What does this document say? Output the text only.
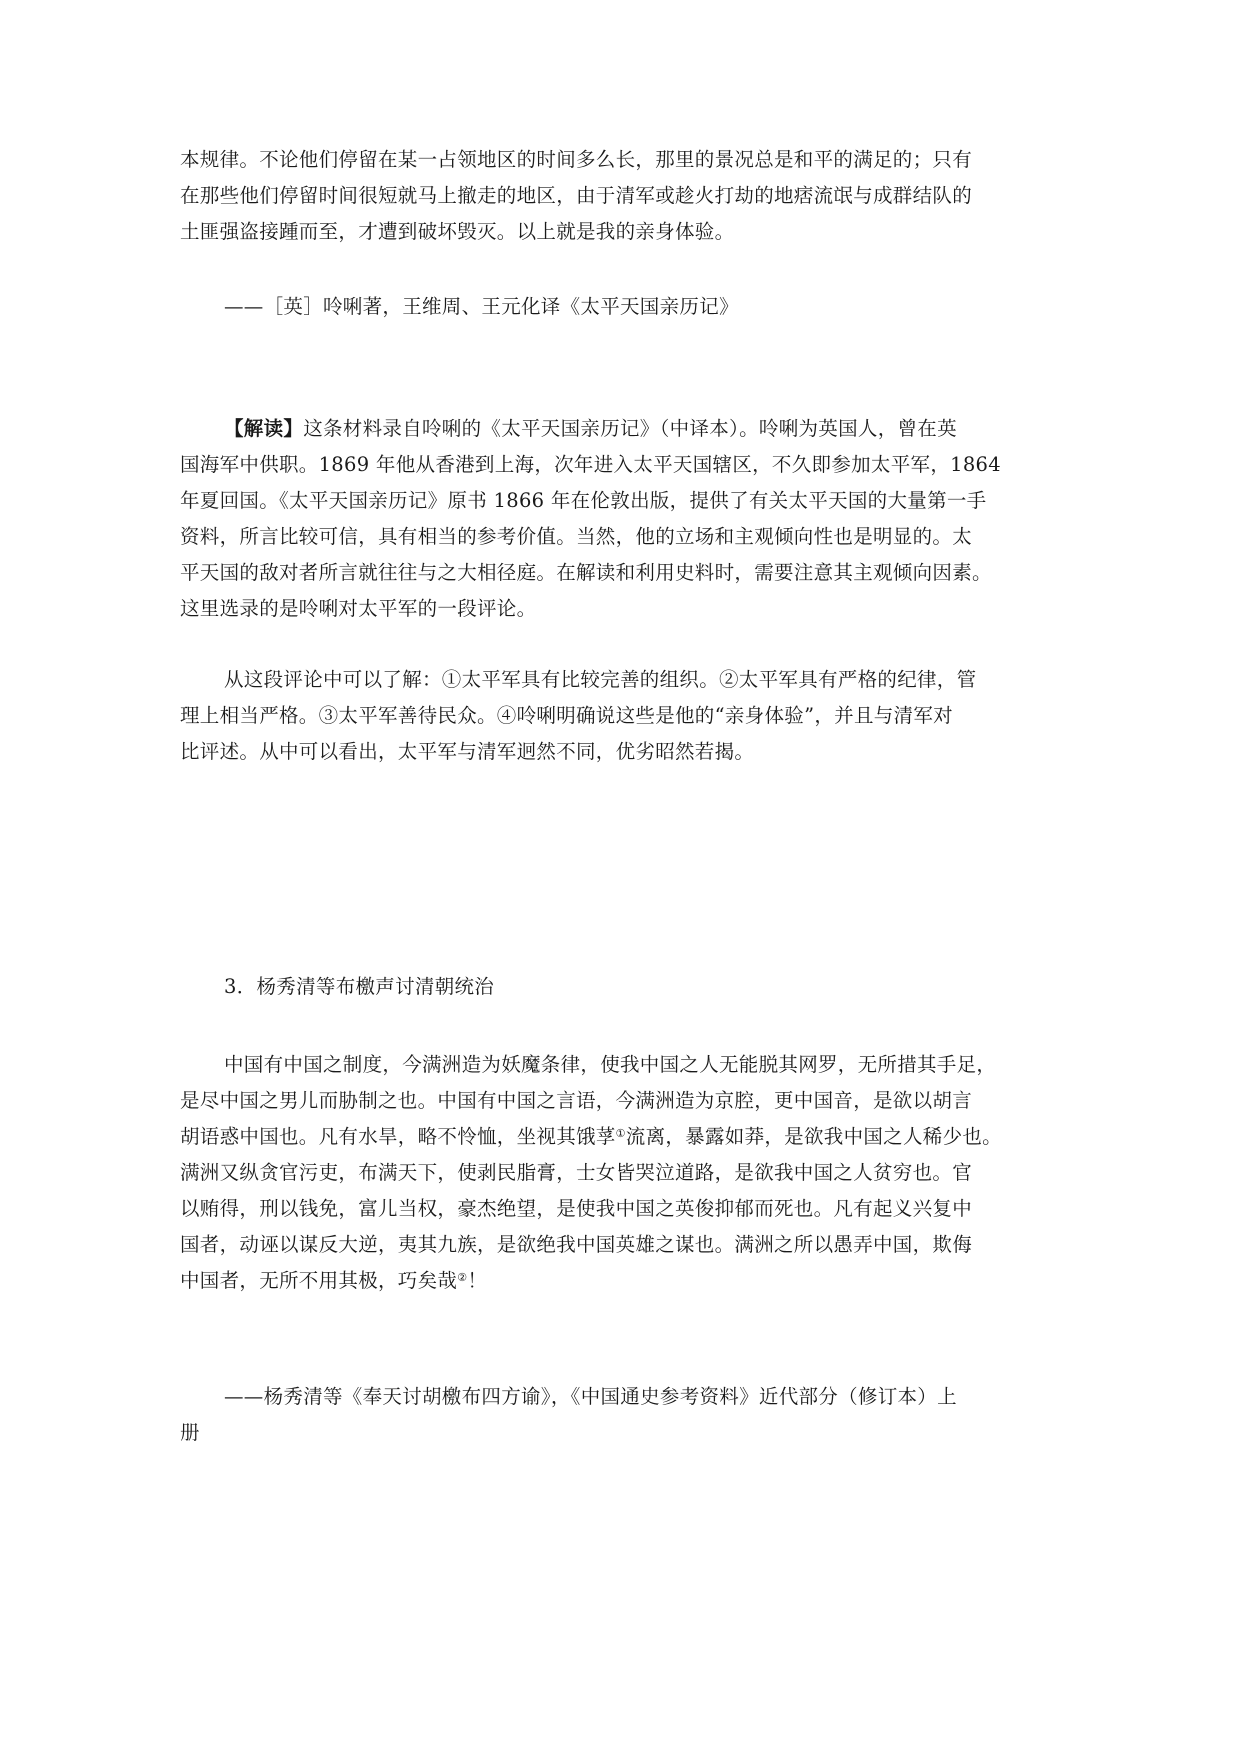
本规律。不论他们停留在某一占领地区的时间多么长，那里的景况总是和平的满足的；只有
在那些他们停留时间很短就马上撤走的地区，由于清军或趁火打劫的地痞流氓与成群结队的
土匪强盗接踵而至，才遭到破坏毁灭。以上就是我的亲身体验。
——［英］呤唎著，王维周、王元化译《太平天国亲历记》
【解读】这条材料录自呤唎的《太平天国亲历记》（中译本）。呤唎为英国人，曾在英
国海军中供职。1869 年他从香港到上海，次年进入太平天国辖区，不久即参加太平军，1864
年夏回国。《太平天国亲历记》原书 1866 年在伦敦出版，提供了有关太平天国的大量第一手
资料，所言比较可信，具有相当的参考价值。当然，他的立场和主观倾向性也是明显的。太
平天国的敌对者所言就往往与之大相径庭。在解读和利用史料时，需要注意其主观倾向因素。
这里选录的是呤唎对太平军的一段评论。
从这段评论中可以了解：①太平军具有比较完善的组织。②太平军具有严格的纪律，管
理上相当严格。③太平军善待民众。④呤唎明确说这些是他的“亲身体验”，并且与清军对
比评述。从中可以看出，太平军与清军迥然不同，优劣昭然若揭。
3．杨秀清等布檄声讨清朝统治
中国有中国之制度，今满洲造为妖魔条律，使我中国之人无能脱其网罗，无所措其手足，
是尽中国之男儿而胁制之也。中国有中国之言语，今满洲造为京腔，更中国音，是欲以胡言
胡语惑中国也。凡有水旱，略不怜恤，坐视其饿莩①流离，暴露如莽，是欲我中国之人稀少也。
满洲又纵贪官污吏，布满天下，使剥民脂膏，士女皆哭泣道路，是欲我中国之人贫穷也。官
以贿得，刑以钱免，富儿当权，豪杰绝望，是使我中国之英俊抑郁而死也。凡有起义兴复中
国者，动诬以谋反大逆，夷其九族，是欲绝我中国英雄之谋也。满洲之所以愚弄中国，欺侮
中国者，无所不用其极，巧矣哉②！
——杨秀清等《奉天讨胡檄布四方谕》，《中国通史参考资料》近代部分（修订本）上
册
